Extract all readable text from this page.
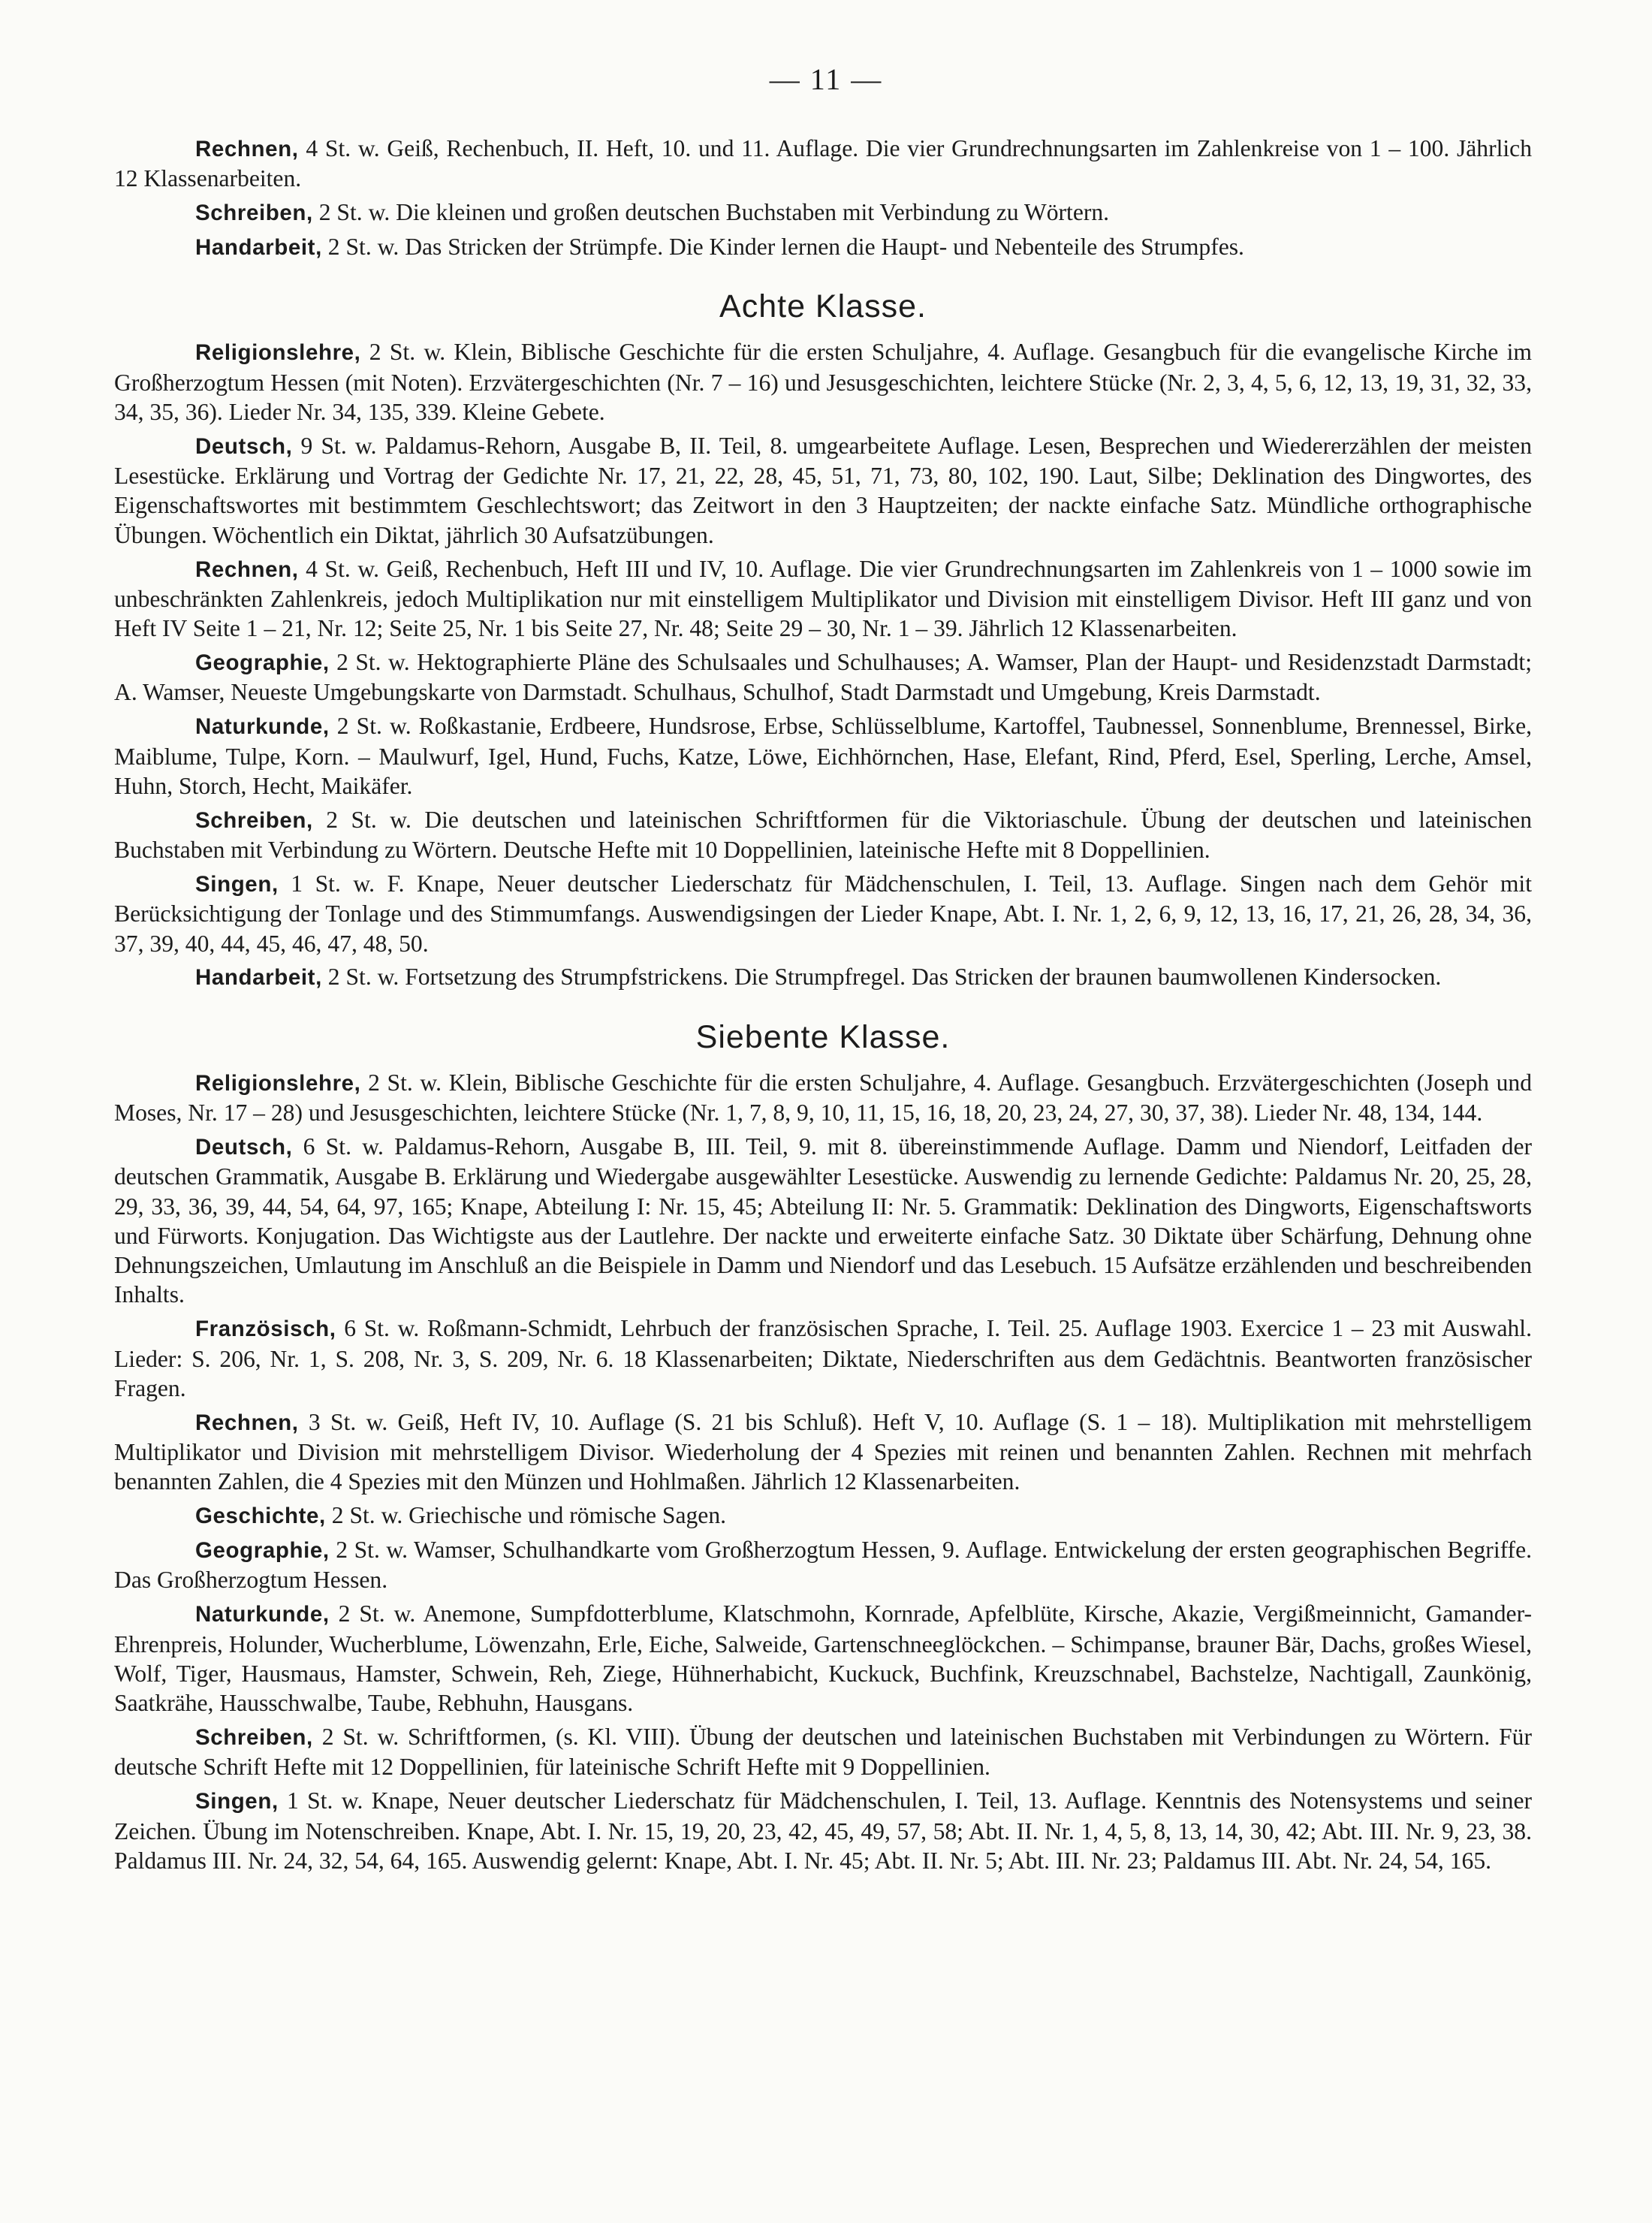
— 11 —

Rechnen, 4 St. w. Geiß, Rechenbuch, II. Heft, 10. und 11. Auflage. Die vier Grundrechnungsarten im Zahlenkreise von 1 – 100. Jährlich 12 Klassenarbeiten.

Schreiben, 2 St. w. Die kleinen und großen deutschen Buchstaben mit Verbindung zu Wörtern.

Handarbeit, 2 St. w. Das Stricken der Strümpfe. Die Kinder lernen die Haupt- und Nebenteile des Strumpfes.

Achte Klasse.

Religionslehre, 2 St. w. Klein, Biblische Geschichte für die ersten Schuljahre, 4. Auflage. Gesangbuch für die evangelische Kirche im Großherzogtum Hessen (mit Noten). Erzvätergeschichten (Nr. 7 – 16) und Jesusgeschichten, leichtere Stücke (Nr. 2, 3, 4, 5, 6, 12, 13, 19, 31, 32, 33, 34, 35, 36). Lieder Nr. 34, 135, 339. Kleine Gebete.

Deutsch, 9 St. w. Paldamus-Rehorn, Ausgabe B, II. Teil, 8. umgearbeitete Auflage. Lesen, Besprechen und Wiedererzählen der meisten Lesestücke. Erklärung und Vortrag der Gedichte Nr. 17, 21, 22, 28, 45, 51, 71, 73, 80, 102, 190. Laut, Silbe; Deklination des Dingwortes, des Eigenschaftswortes mit bestimmtem Geschlechtswort; das Zeitwort in den 3 Hauptzeiten; der nackte einfache Satz. Mündliche orthographische Übungen. Wöchentlich ein Diktat, jährlich 30 Aufsatzübungen.

Rechnen, 4 St. w. Geiß, Rechenbuch, Heft III und IV, 10. Auflage. Die vier Grundrechnungsarten im Zahlenkreis von 1 – 1000 sowie im unbeschränkten Zahlenkreis, jedoch Multiplikation nur mit einstelligem Multiplikator und Division mit einstelligem Divisor. Heft III ganz und von Heft IV Seite 1 – 21, Nr. 12; Seite 25, Nr. 1 bis Seite 27, Nr. 48; Seite 29 – 30, Nr. 1 – 39. Jährlich 12 Klassenarbeiten.

Geographie, 2 St. w. Hektographierte Pläne des Schulsaales und Schulhauses; A. Wamser, Plan der Haupt- und Residenzstadt Darmstadt; A. Wamser, Neueste Umgebungskarte von Darmstadt. Schulhaus, Schulhof, Stadt Darmstadt und Umgebung, Kreis Darmstadt.

Naturkunde, 2 St. w. Roßkastanie, Erdbeere, Hundsrose, Erbse, Schlüsselblume, Kartoffel, Taubnessel, Sonnenblume, Brennessel, Birke, Maiblume, Tulpe, Korn. – Maulwurf, Igel, Hund, Fuchs, Katze, Löwe, Eichhörnchen, Hase, Elefant, Rind, Pferd, Esel, Sperling, Lerche, Amsel, Huhn, Storch, Hecht, Maikäfer.

Schreiben, 2 St. w. Die deutschen und lateinischen Schriftformen für die Viktoriaschule. Übung der deutschen und lateinischen Buchstaben mit Verbindung zu Wörtern. Deutsche Hefte mit 10 Doppellinien, lateinische Hefte mit 8 Doppellinien.

Singen, 1 St. w. F. Knape, Neuer deutscher Liederschatz für Mädchenschulen, I. Teil, 13. Auflage. Singen nach dem Gehör mit Berücksichtigung der Tonlage und des Stimmumfangs. Auswendigsingen der Lieder Knape, Abt. I. Nr. 1, 2, 6, 9, 12, 13, 16, 17, 21, 26, 28, 34, 36, 37, 39, 40, 44, 45, 46, 47, 48, 50.

Handarbeit, 2 St. w. Fortsetzung des Strumpfstrickens. Die Strumpfregel. Das Stricken der braunen baumwollenen Kindersocken.

Siebente Klasse.

Religionslehre, 2 St. w. Klein, Biblische Geschichte für die ersten Schuljahre, 4. Auflage. Gesangbuch. Erzvätergeschichten (Joseph und Moses, Nr. 17 – 28) und Jesusgeschichten, leichtere Stücke (Nr. 1, 7, 8, 9, 10, 11, 15, 16, 18, 20, 23, 24, 27, 30, 37, 38). Lieder Nr. 48, 134, 144.

Deutsch, 6 St. w. Paldamus-Rehorn, Ausgabe B, III. Teil, 9. mit 8. übereinstimmende Auflage. Damm und Niendorf, Leitfaden der deutschen Grammatik, Ausgabe B. Erklärung und Wiedergabe ausgewählter Lesestücke. Auswendig zu lernende Gedichte: Paldamus Nr. 20, 25, 28, 29, 33, 36, 39, 44, 54, 64, 97, 165; Knape, Abteilung I: Nr. 15, 45; Abteilung II: Nr. 5. Grammatik: Deklination des Dingworts, Eigenschaftsworts und Fürworts. Konjugation. Das Wichtigste aus der Lautlehre. Der nackte und erweiterte einfache Satz. 30 Diktate über Schärfung, Dehnung ohne Dehnungszeichen, Umlautung im Anschluß an die Beispiele in Damm und Niendorf und das Lesebuch. 15 Aufsätze erzählenden und beschreibenden Inhalts.

Französisch, 6 St. w. Roßmann-Schmidt, Lehrbuch der französischen Sprache, I. Teil. 25. Auflage 1903. Exercice 1 – 23 mit Auswahl. Lieder: S. 206, Nr. 1, S. 208, Nr. 3, S. 209, Nr. 6. 18 Klassenarbeiten; Diktate, Niederschriften aus dem Gedächtnis. Beantworten französischer Fragen.

Rechnen, 3 St. w. Geiß, Heft IV, 10. Auflage (S. 21 bis Schluß). Heft V, 10. Auflage (S. 1 – 18). Multiplikation mit mehrstelligem Multiplikator und Division mit mehrstelligem Divisor. Wiederholung der 4 Spezies mit reinen und benannten Zahlen. Rechnen mit mehrfach benannten Zahlen, die 4 Spezies mit den Münzen und Hohlmaßen. Jährlich 12 Klassenarbeiten.

Geschichte, 2 St. w. Griechische und römische Sagen.

Geographie, 2 St. w. Wamser, Schulhandkarte vom Großherzogtum Hessen, 9. Auflage. Entwickelung der ersten geographischen Begriffe. Das Großherzogtum Hessen.

Naturkunde, 2 St. w. Anemone, Sumpfdotterblume, Klatschmohn, Kornrade, Apfelblüte, Kirsche, Akazie, Vergißmeinnicht, Gamander-Ehrenpreis, Holunder, Wucherblume, Löwenzahn, Erle, Eiche, Salweide, Gartenschneeglöckchen. – Schimpanse, brauner Bär, Dachs, großes Wiesel, Wolf, Tiger, Hausmaus, Hamster, Schwein, Reh, Ziege, Hühnerhabicht, Kuckuck, Buchfink, Kreuzschnabel, Bachstelze, Nachtigall, Zaunkönig, Saatkrähe, Hausschwalbe, Taube, Rebhuhn, Hausgans.

Schreiben, 2 St. w. Schriftformen, (s. Kl. VIII). Übung der deutschen und lateinischen Buchstaben mit Verbindungen zu Wörtern. Für deutsche Schrift Hefte mit 12 Doppellinien, für lateinische Schrift Hefte mit 9 Doppellinien.

Singen, 1 St. w. Knape, Neuer deutscher Liederschatz für Mädchenschulen, I. Teil, 13. Auflage. Kenntnis des Notensystems und seiner Zeichen. Übung im Notenschreiben. Knape, Abt. I. Nr. 15, 19, 20, 23, 42, 45, 49, 57, 58; Abt. II. Nr. 1, 4, 5, 8, 13, 14, 30, 42; Abt. III. Nr. 9, 23, 38. Paldamus III. Nr. 24, 32, 54, 64, 165. Auswendig gelernt: Knape, Abt. I. Nr. 45; Abt. II. Nr. 5; Abt. III. Nr. 23; Paldamus III. Abt. Nr. 24, 54, 165.
